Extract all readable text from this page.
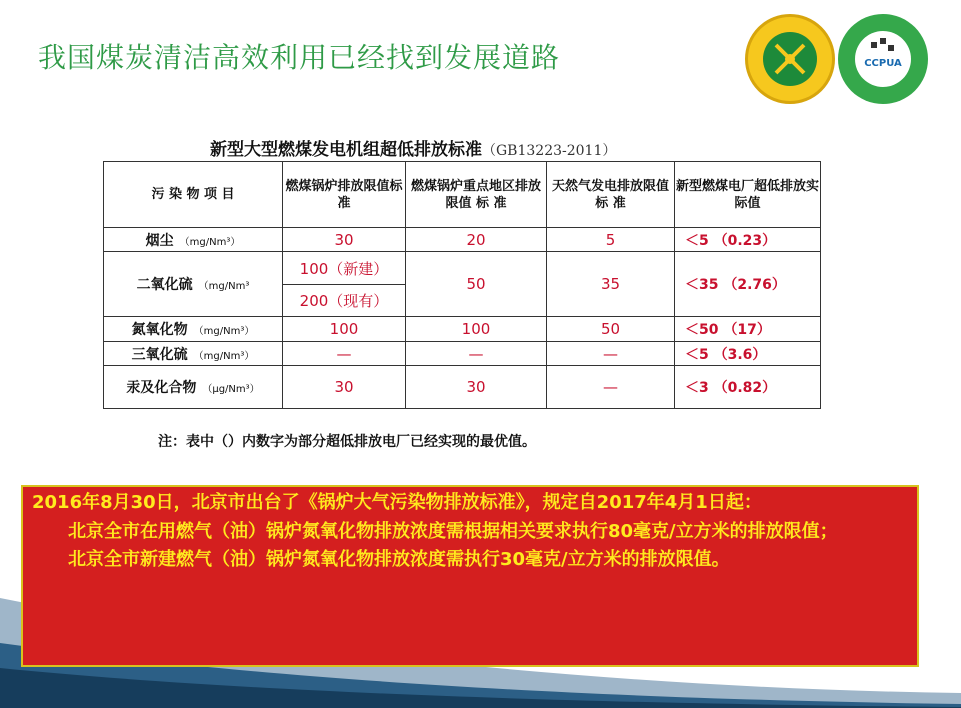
我国煤炭清洁高效利用已经找到发展道路	CCPUA
新型大型燃煤发电机组超低排放标准（GB13223-2011）
污 染 物 项 目	燃煤锅炉排放限值标准	燃煤锅炉重点地区排放限值 标 准	天然气发电排放限值 标 准	新型燃煤电厂超低排放实际值
烟尘 （mg/Nm³）	30	20	5	＜5 （0.23）
二氧化硫 （mg/Nm³	100（新建）	50	35	＜35 （2.76）
	200（现有）			
氮氧化物 （mg/Nm³）	100	100	50	＜50 （17）
三氧化硫 （mg/Nm³）	—	—	—	＜5 （3.6）
汞及化合物 （μg/Nm³）	30	30	—	＜3 （0.82）
注：表中（）内数字为部分超低排放电厂已经实现的最优值。

2016年8月30日，北京市出台了《锅炉大气污染物排放标准》，规定自2017年4月1日起：

北京全市在用燃气（油）锅炉氮氧化物排放浓度需根据相关要求执行80毫克/立方米的排放限值；

北京全市新建燃气（油）锅炉氮氧化物排放浓度需执行30毫克/立方米的排放限值。
